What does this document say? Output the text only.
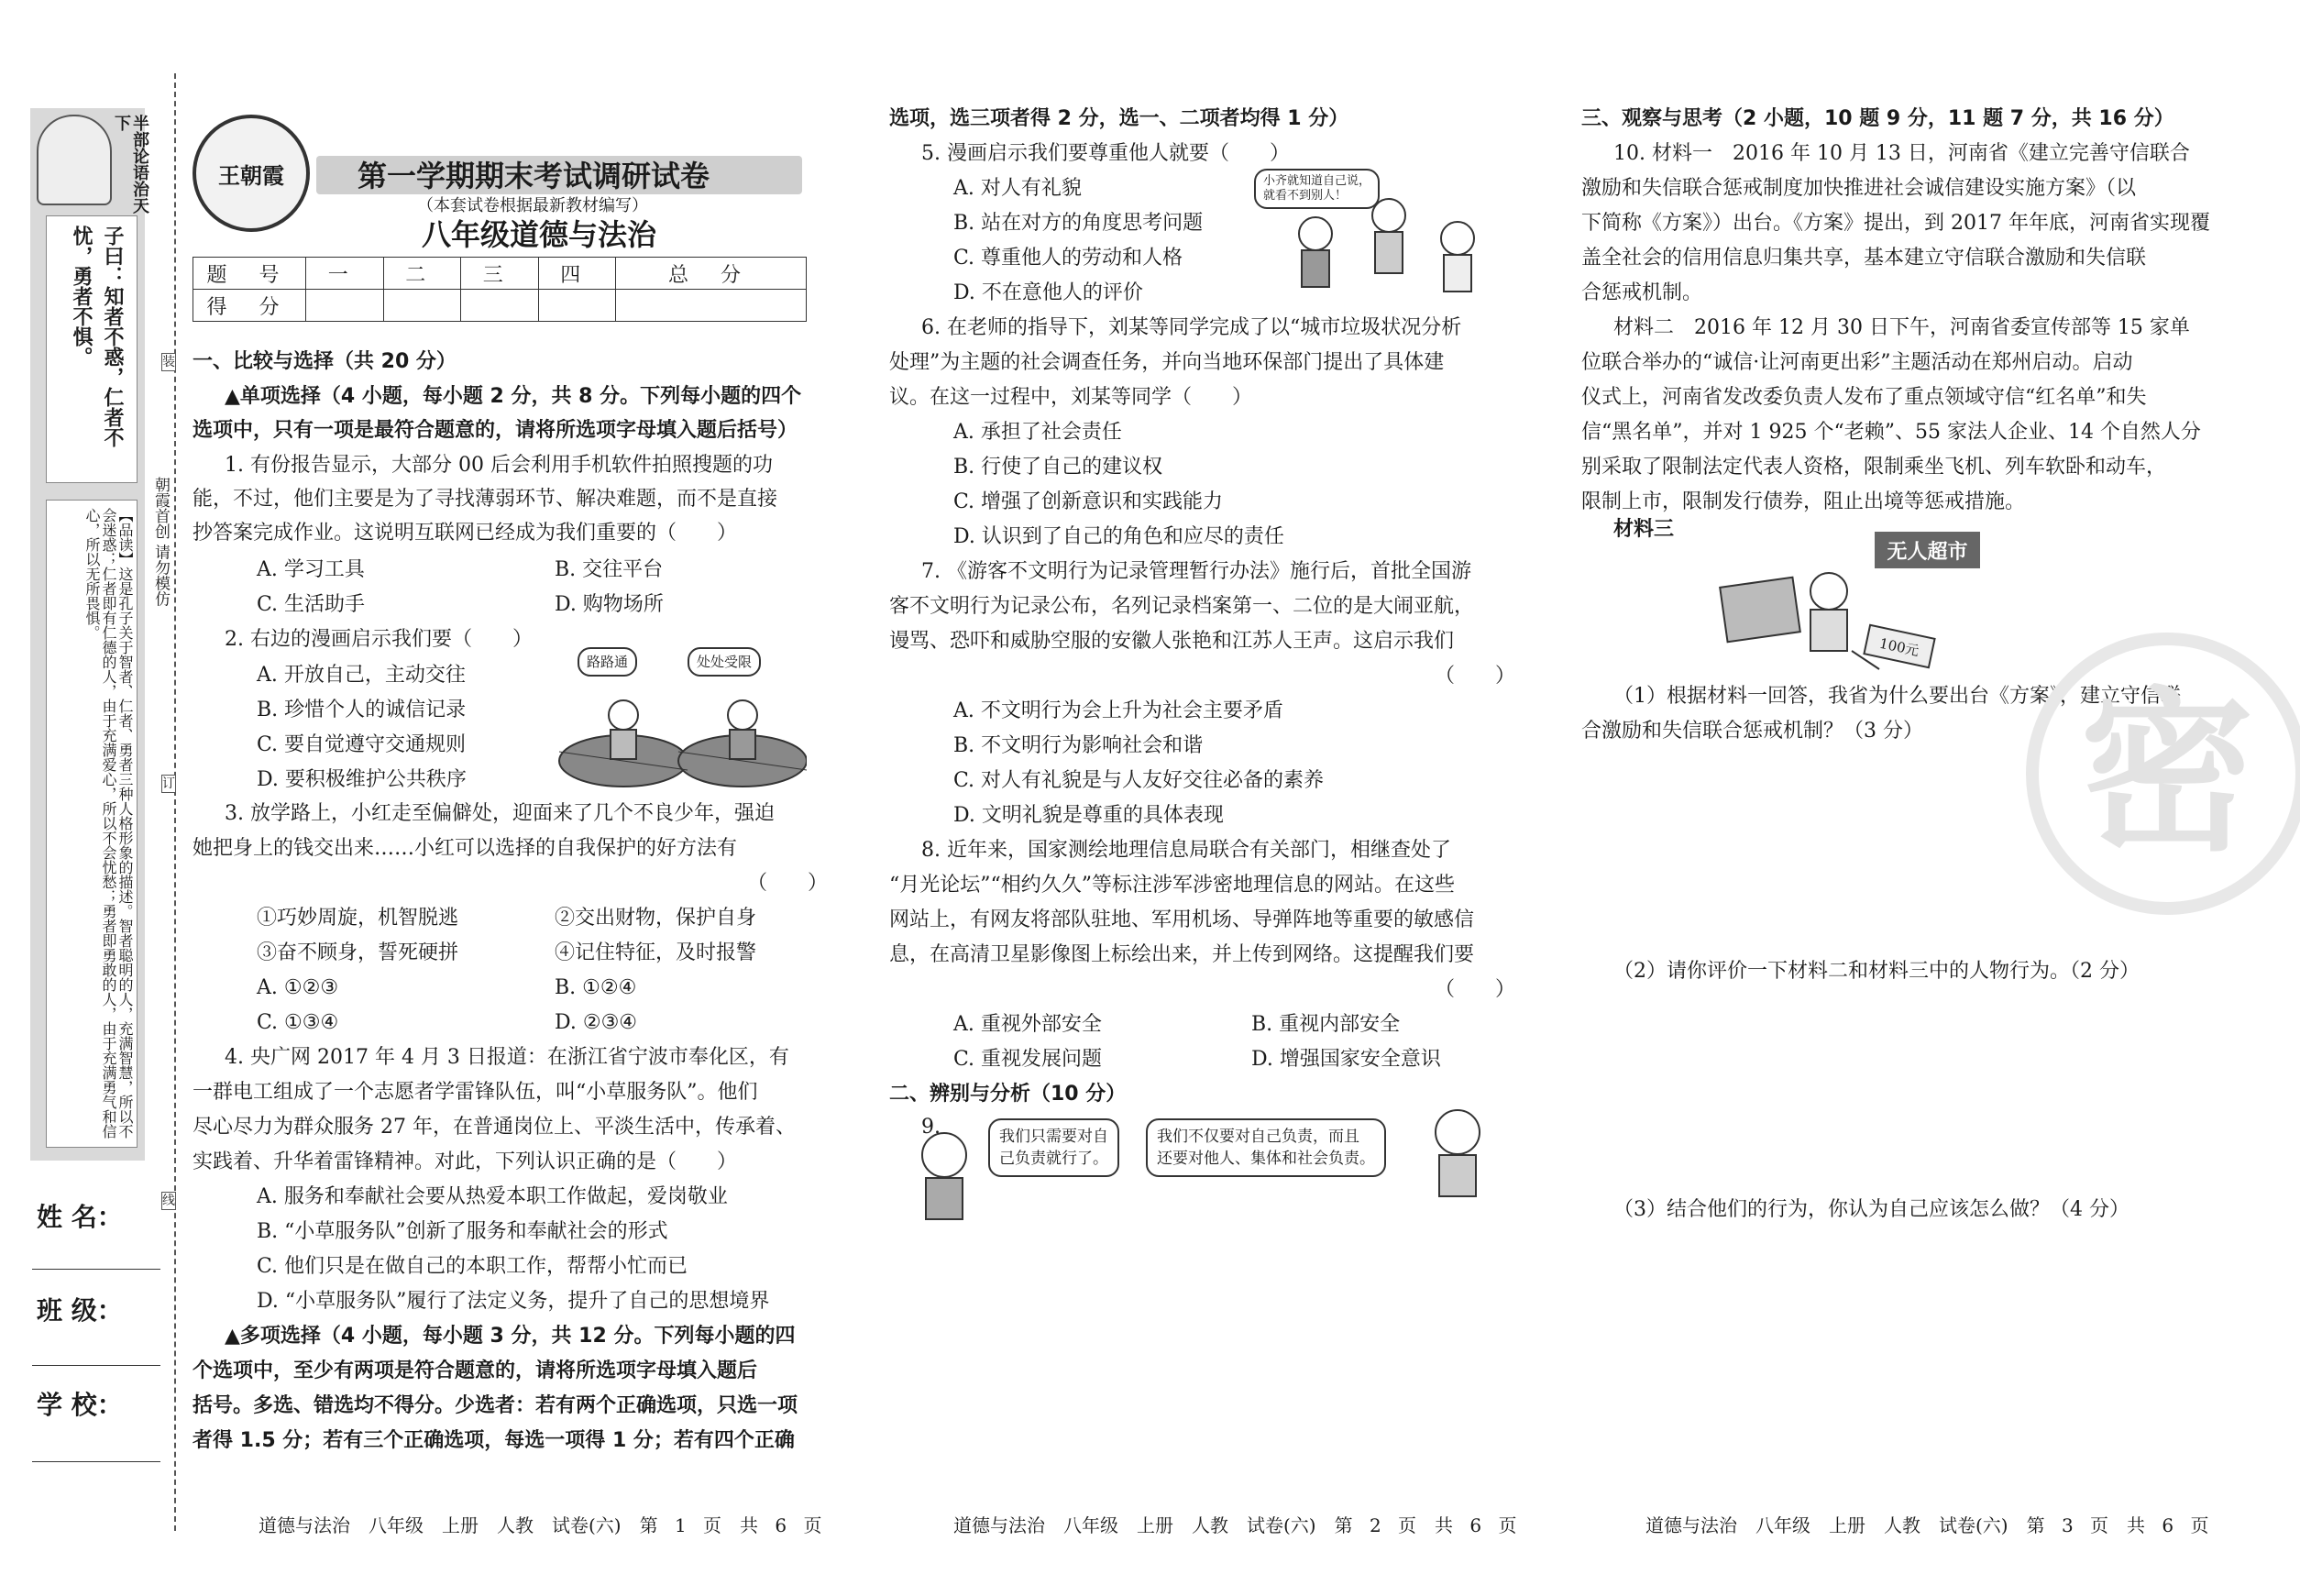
半部论语治天下
子曰：知者不惑，仁者不忧，勇者不惧。
【品读】这是孔子关于智者、仁者、勇者三种人格形象的描述。智者聪明的人，充满智慧，所以不会迷惑；仁者即有仁德的人，由于充满爱心，所以不会忧愁；勇者即勇敢的人，由于充满勇气和信心，所以无所畏惧。	朝霞首创 请勿模仿
装
订
线
姓 名：
班 级：
学 校：
王朝霞	第一学期期末考试调研试卷
（本套试卷根据最新教材编写）
八年级道德与法治
题 号	一	二	三	四	总 分
得 分					
一、比较与选择（共 20 分）
▲单项选择（4 小题，每小题 2 分，共 8 分。下列每小题的四个
选项中，只有一项是最符合题意的，请将所选项字母填入题后括号）
1. 有份报告显示，大部分 00 后会利用手机软件拍照搜题的功
能，不过，他们主要是为了寻找薄弱环节、解决难题，而不是直接
抄答案完成作业。这说明互联网已经成为我们重要的（　　）
A. 学习工具	B. 交往平台
C. 生活助手	D. 购物场所
2. 右边的漫画启示我们要（　　）
A. 开放自己，主动交往
B. 珍惜个人的诚信记录
C. 要自觉遵守交通规则
D. 要积极维护公共秩序
路路通	处处受限
3. 放学路上，小红走至偏僻处，迎面来了几个不良少年，强迫
她把身上的钱交出来……小红可以选择的自我保护的好方法有
（　　）
①巧妙周旋，机智脱逃	②交出财物，保护自身
③奋不顾身，誓死硬拼	④记住特征，及时报警
A. ①②③	B. ①②④
C. ①③④	D. ②③④
4. 央广网 2017 年 4 月 3 日报道：在浙江省宁波市奉化区，有
一群电工组成了一个志愿者学雷锋队伍，叫“小草服务队”。他们
尽心尽力为群众服务 27 年，在普通岗位上、平淡生活中，传承着、
实践着、升华着雷锋精神。对此，下列认识正确的是（　　）
A. 服务和奉献社会要从热爱本职工作做起，爱岗敬业
B. “小草服务队”创新了服务和奉献社会的形式
C. 他们只是在做自己的本职工作，帮帮小忙而已
D. “小草服务队”履行了法定义务，提升了自己的思想境界
▲多项选择（4 小题，每小题 3 分，共 12 分。下列每小题的四
个选项中，至少有两项是符合题意的，请将所选项字母填入题后
括号。多选、错选均不得分。少选者：若有两个正确选项，只选一项
者得 1.5 分；若有三个正确选项，每选一项得 1 分；若有四个正确
道德与法治　八年级　上册　人教　试卷(六)　第 1 页　共 6 页
选项，选三项者得 2 分，选一、二项者均得 1 分）
5. 漫画启示我们要尊重他人就要（　　）
A. 对人有礼貌
B. 站在对方的角度思考问题
C. 尊重他人的劳动和人格
D. 不在意他人的评价
小齐就知道自己说，
就看不到别人！
6. 在老师的指导下，刘某等同学完成了以“城市垃圾状况分析
处理”为主题的社会调查任务，并向当地环保部门提出了具体建
议。在这一过程中，刘某等同学（　　）
A. 承担了社会责任
B. 行使了自己的建议权
C. 增强了创新意识和实践能力
D. 认识到了自己的角色和应尽的责任
7. 《游客不文明行为记录管理暂行办法》施行后，首批全国游
客不文明行为记录公布，名列记录档案第一、二位的是大闹亚航，
谩骂、恐吓和威胁空服的安徽人张艳和江苏人王声。这启示我们
（　　）
A. 不文明行为会上升为社会主要矛盾
B. 不文明行为影响社会和谐
C. 对人有礼貌是与人友好交往必备的素养
D. 文明礼貌是尊重的具体表现
8. 近年来，国家测绘地理信息局联合有关部门，相继查处了
“月光论坛”“相约久久”等标注涉军涉密地理信息的网站。在这些
网站上，有网友将部队驻地、军用机场、导弹阵地等重要的敏感信
息，在高清卫星影像图上标绘出来，并上传到网络。这提醒我们要
（　　）
A. 重视外部安全	B. 重视内部安全
C. 重视发展问题	D. 增强国家安全意识
二、辨别与分析（10 分）
9.	我们只需要对自
己负责就行了。
我们不仅要对自己负责，而且
还要对他人、集体和社会负责。
道德与法治　八年级　上册　人教　试卷(六)　第 2 页　共 6 页
三、观察与思考（2 小题，10 题 9 分，11 题 7 分，共 16 分）
10. 材料一　2016 年 10 月 13 日，河南省《建立完善守信联合
激励和失信联合惩戒制度加快推进社会诚信建设实施方案》（以
下简称《方案》）出台。《方案》提出，到 2017 年年底，河南省实现覆
盖全社会的信用信息归集共享，基本建立守信联合激励和失信联
合惩戒机制。
材料二　2016 年 12 月 30 日下午，河南省委宣传部等 15 家单
位联合举办的“诚信·让河南更出彩”主题活动在郑州启动。启动
仪式上，河南省发改委负责人发布了重点领域守信“红名单”和失
信“黑名单”，并对 1 925 个“老赖”、55 家法人企业、14 个自然人分
别采取了限制法定代表人资格，限制乘坐飞机、列车软卧和动车，
限制上市，限制发行债券，阻止出境等惩戒措施。
材料三
无人超市
100元
（1）根据材料一回答，我省为什么要出台《方案》，建立守信联
合激励和失信联合惩戒机制？（3 分）
（2）请你评价一下材料二和材料三中的人物行为。（2 分）
（3）结合他们的行为，你认为自己应该怎么做？（4 分）
密
道德与法治　八年级　上册　人教　试卷(六)　第 3 页　共 6 页
